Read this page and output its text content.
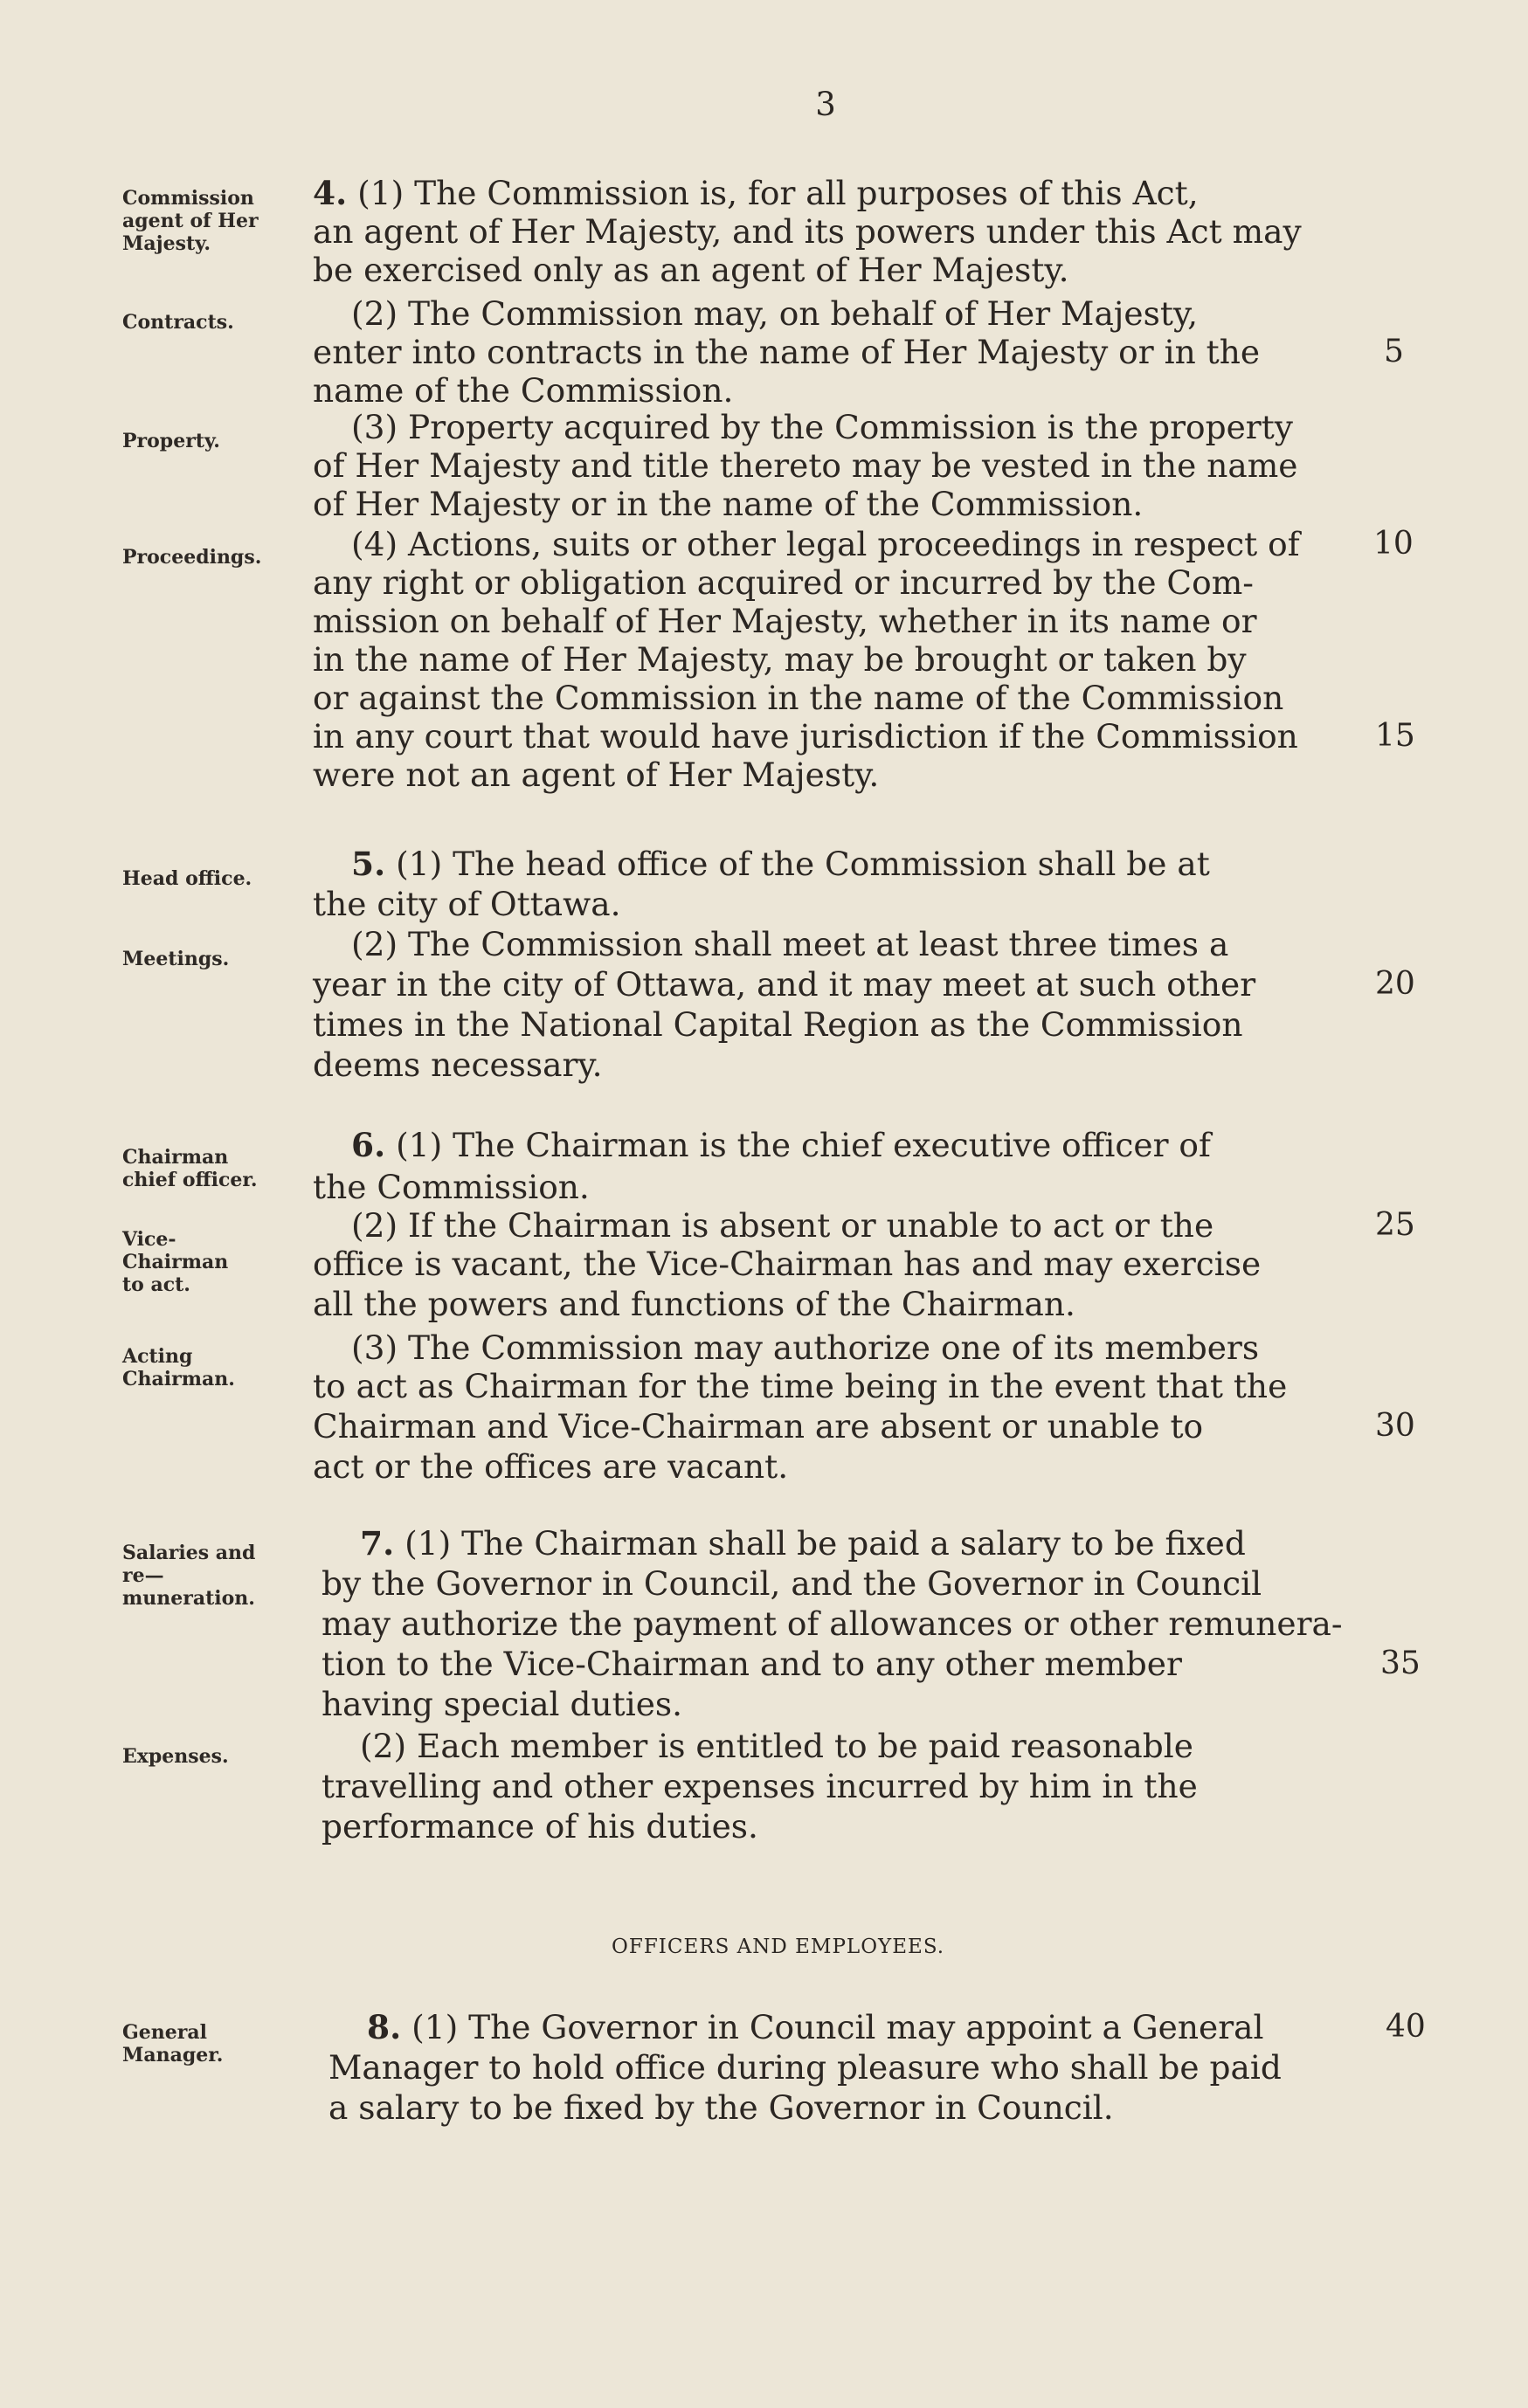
3
Commission agent of Her Majesty.
Contracts.
Property.
Proceedings.
Head office.
Meetings.
Chairman chief officer.
Vice-Chairman to act.
Acting Chairman.
Salaries and re—muneration.
Expenses.
General Manager.
4. (1) The Commission is, for all purposes of this Act,
an agent of Her Majesty, and its powers under this Act may
be exercised only as an agent of Her Majesty.
(2) The Commission may, on behalf of Her Majesty,
enter into contracts in the name of Her Majesty or in the
name of the Commission.
(3) Property acquired by the Commission is the property
of Her Majesty and title thereto may be vested in the name
of Her Majesty or in the name of the Commission.
(4) Actions, suits or other legal proceedings in respect of
any right or obligation acquired or incurred by the Com-
mission on behalf of Her Majesty, whether in its name or
in the name of Her Majesty, may be brought or taken by
or against the Commission in the name of the Commission
in any court that would have jurisdiction if the Commission
were not an agent of Her Majesty.
5. (1) The head office of the Commission shall be at
the city of Ottawa.
(2) The Commission shall meet at least three times a
year in the city of Ottawa, and it may meet at such other
times in the National Capital Region as the Commission
deems necessary.
6. (1) The Chairman is the chief executive officer of
the Commission.
(2) If the Chairman is absent or unable to act or the
office is vacant, the Vice-Chairman has and may exercise
all the powers and functions of the Chairman.
(3) The Commission may authorize one of its members
to act as Chairman for the time being in the event that the
Chairman and Vice-Chairman are absent or unable to
act or the offices are vacant.
7. (1) The Chairman shall be paid a salary to be fixed
by the Governor in Council, and the Governor in Council
may authorize the payment of allowances or other remunera-
tion to the Vice-Chairman and to any other member
having special duties.
(2) Each member is entitled to be paid reasonable
travelling and other expenses incurred by him in the
performance of his duties.
OFFICERS AND EMPLOYEES.
8. (1) The Governor in Council may appoint a General
Manager to hold office during pleasure who shall be paid
a salary to be fixed by the Governor in Council.
5
10
15
20
25
30
35
40
